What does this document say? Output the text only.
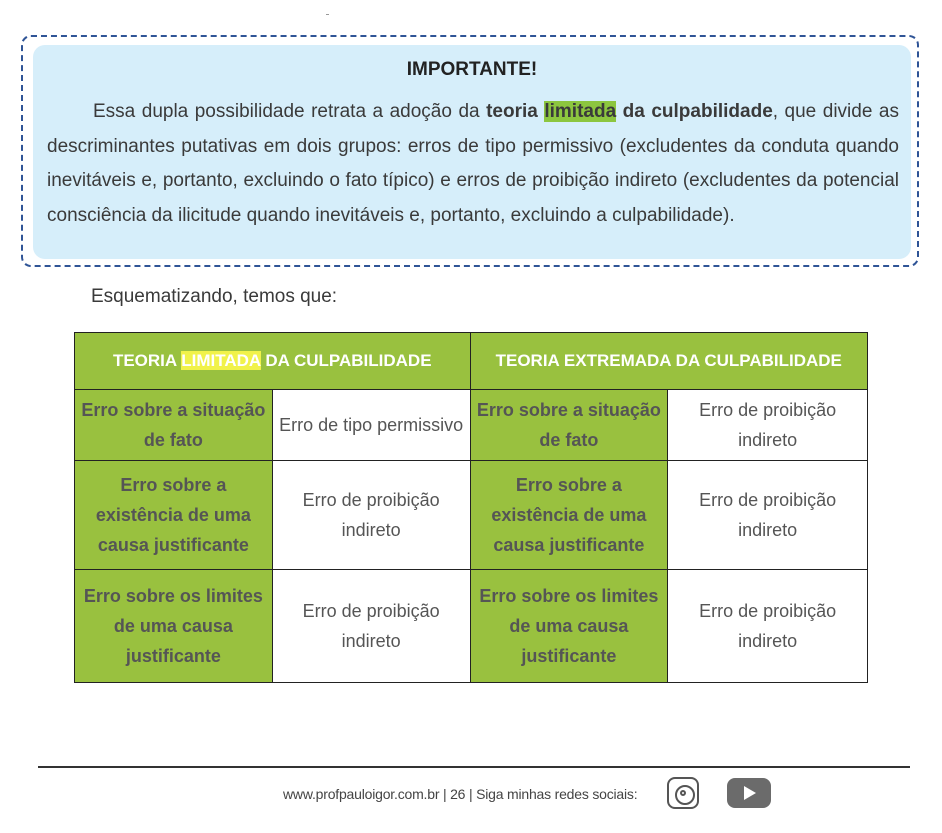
IMPORTANTE!
Essa dupla possibilidade retrata a adoção da teoria limitada da culpabilidade, que divide as descriminantes putativas em dois grupos: erros de tipo permissivo (excludentes da conduta quando inevitáveis e, portanto, excluindo o fato típico) e erros de proibição indireto (excludentes da potencial consciência da ilicitude quando inevitáveis e, portanto, excluindo a culpabilidade).
Esquematizando, temos que:
TEORIA LIMITADA DA CULPABILIDADE		TEORIA EXTREMADA DA CULPABILIDADE	
Erro sobre a situação de fato	Erro de tipo permissivo	Erro sobre a situação de fato	Erro de proibição indireto
Erro sobre a existência de uma causa justificante	Erro de proibição indireto	Erro sobre a existência de uma causa justificante	Erro de proibição indireto
Erro sobre os limites de uma causa justificante	Erro de proibição indireto	Erro sobre os limites de uma causa justificante	Erro de proibição indireto
www.profpauloigor.com.br | 26 | Siga minhas redes sociais:
